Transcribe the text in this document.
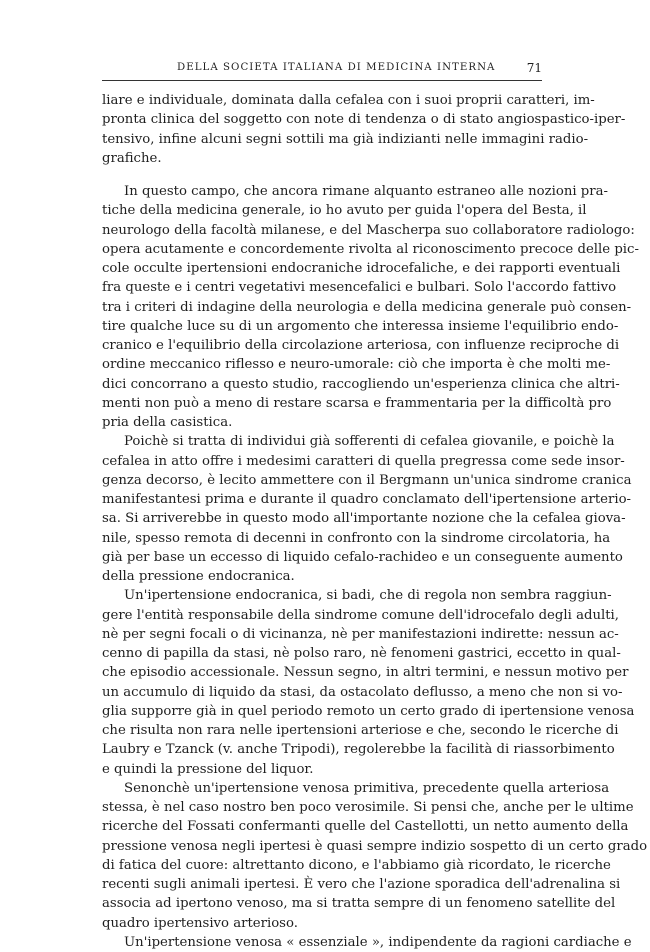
DELLA SOCIETA ITALIANA DI MEDICINA INTERNA	71
liare e individuale, dominata dalla cefalea con i suoi proprii caratteri, im-
pronta clinica del soggetto con note di tendenza o di stato angiospastico-iper-
tensivo, infine alcuni segni sottili ma già indizianti nelle immagini radio-
grafiche.
In questo campo, che ancora rimane alquanto estraneo alle nozioni pra-
tiche della medicina generale, io ho avuto per guida l'opera del Besta, il
neurologo della facoltà milanese, e del Mascherpa suo collaboratore radiologo:
opera acutamente e concordemente rivolta al riconoscimento precoce delle pic-
cole occulte ipertensioni endocraniche idrocefaliche, e dei rapporti eventuali
fra queste e i centri vegetativi mesencefalici e bulbari. Solo l'accordo fattivo
tra i criteri di indagine della neurologia e della medicina generale può consen-
tire qualche luce su di un argomento che interessa insieme l'equilibrio endo-
cranico e l'equilibrio della circolazione arteriosa, con influenze reciproche di
ordine meccanico riflesso e neuro-umorale: ciò che importa è che molti me-
dici concorrano a questo studio, raccogliendo un'esperienza clinica che altri-
menti non può a meno di restare scarsa e frammentaria per la difficoltà pro
pria della casistica.
Poichè si tratta di individui già sofferenti di cefalea giovanile, e poichè la
cefalea in atto offre i medesimi caratteri di quella pregressa come sede insor-
genza decorso, è lecito ammettere con il Bergmann un'unica sindrome cranica
manifestantesi prima e durante il quadro conclamato dell'ipertensione arterio-
sa. Si arriverebbe in questo modo all'importante nozione che la cefalea giova-
nile, spesso remota di decenni in confronto con la sindrome circolatoria, ha
già per base un eccesso di liquido cefalo-rachideo e un conseguente aumento
della pressione endocranica.
Un'ipertensione endocranica, si badi, che di regola non sembra raggiun-
gere l'entità responsabile della sindrome comune dell'idrocefalo degli adulti,
nè per segni focali o di vicinanza, nè per manifestazioni indirette: nessun ac-
cenno di papilla da stasi, nè polso raro, nè fenomeni gastrici, eccetto in qual-
che episodio accessionale. Nessun segno, in altri termini, e nessun motivo per
un accumulo di liquido da stasi, da ostacolato deflusso, a meno che non si vo-
glia supporre già in quel periodo remoto un certo grado di ipertensione venosa
che risulta non rara nelle ipertensioni arteriose e che, secondo le ricerche di
Laubry e Tzanck (v. anche Tripodi), regolerebbe la facilità di riassorbimento
e quindi la pressione del liquor.
Senonchè un'ipertensione venosa primitiva, precedente quella arteriosa
stessa, è nel caso nostro ben poco verosimile. Si pensi che, anche per le ultime
ricerche del Fossati confermanti quelle del Castellotti, un netto aumento della
pressione venosa negli ipertesi è quasi sempre indizio sospetto di un certo grado
di fatica del cuore: altrettanto dicono, e l'abbiamo già ricordato, le ricerche
recenti sugli animali ipertesi. È vero che l'azione sporadica dell'adrenalina si
associa ad ipertono venoso, ma si tratta sempre di un fenomeno satellite del
quadro ipertensivo arterioso.
Un'ipertensione venosa « essenziale », indipendente da ragioni cardiache e
